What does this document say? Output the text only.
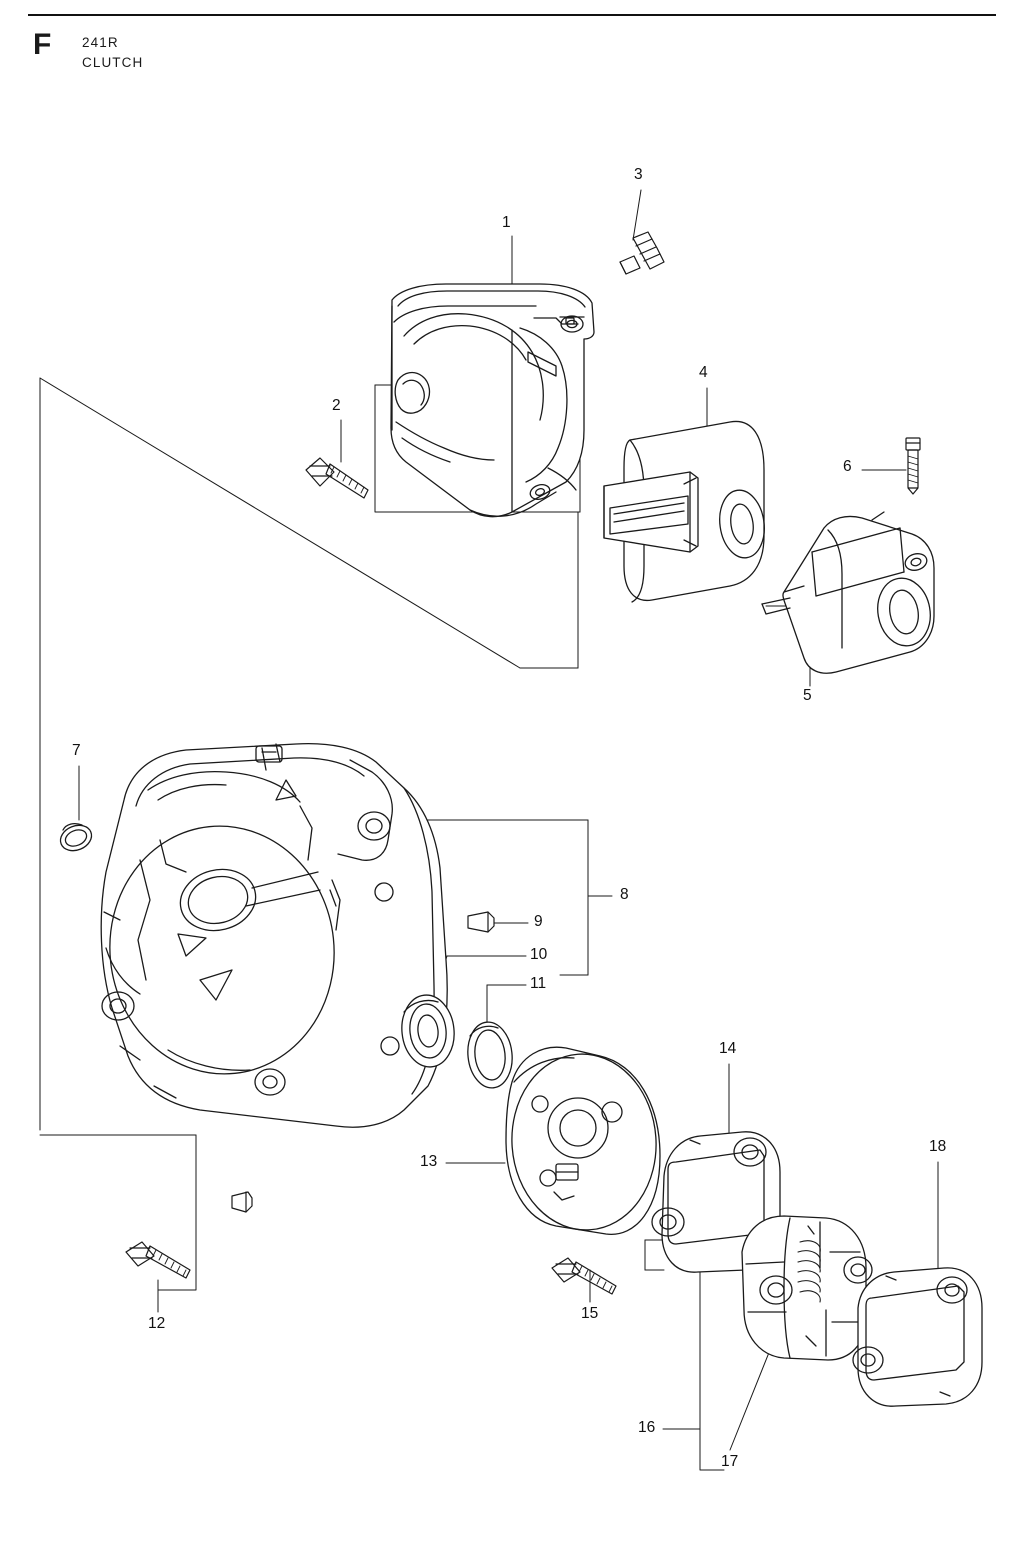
F 241R
CLUTCH
1
2
3
4
5
6
7
8
9
10
11
12
13
14
15
16
17
18
